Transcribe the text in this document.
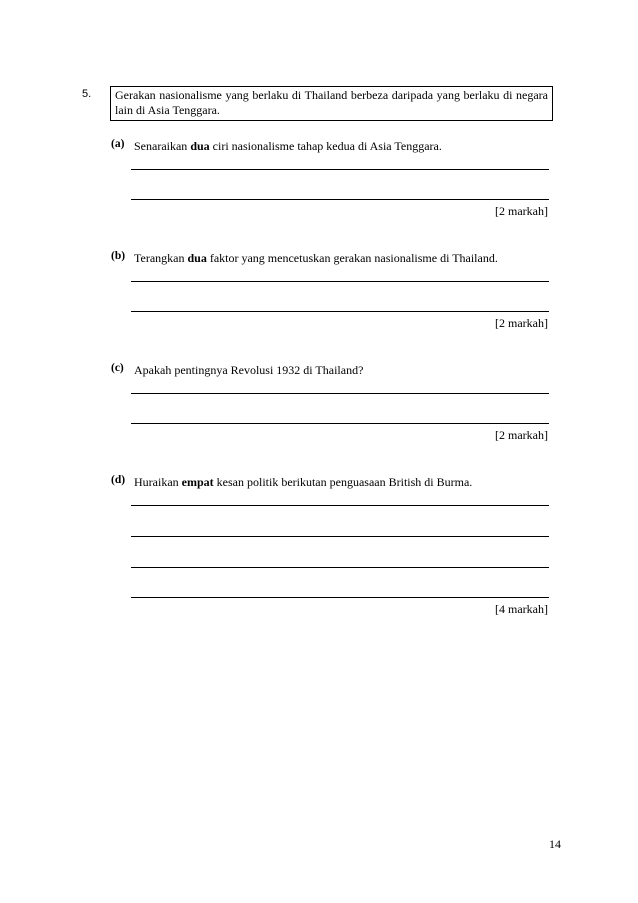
5.	Gerakan nasionalisme yang berlaku di Thailand berbeza daripada yang berlaku di negara lain di Asia Tenggara.
(a) Senaraikan dua ciri nasionalisme tahap kedua di Asia Tenggara.
[2 markah]
(b) Terangkan dua faktor yang mencetuskan gerakan nasionalisme di Thailand.
[2 markah]
(c) Apakah pentingnya Revolusi 1932 di Thailand?
[2 markah]
(d) Huraikan empat kesan politik berikutan penguasaan British di Burma.
[4 markah]
14
